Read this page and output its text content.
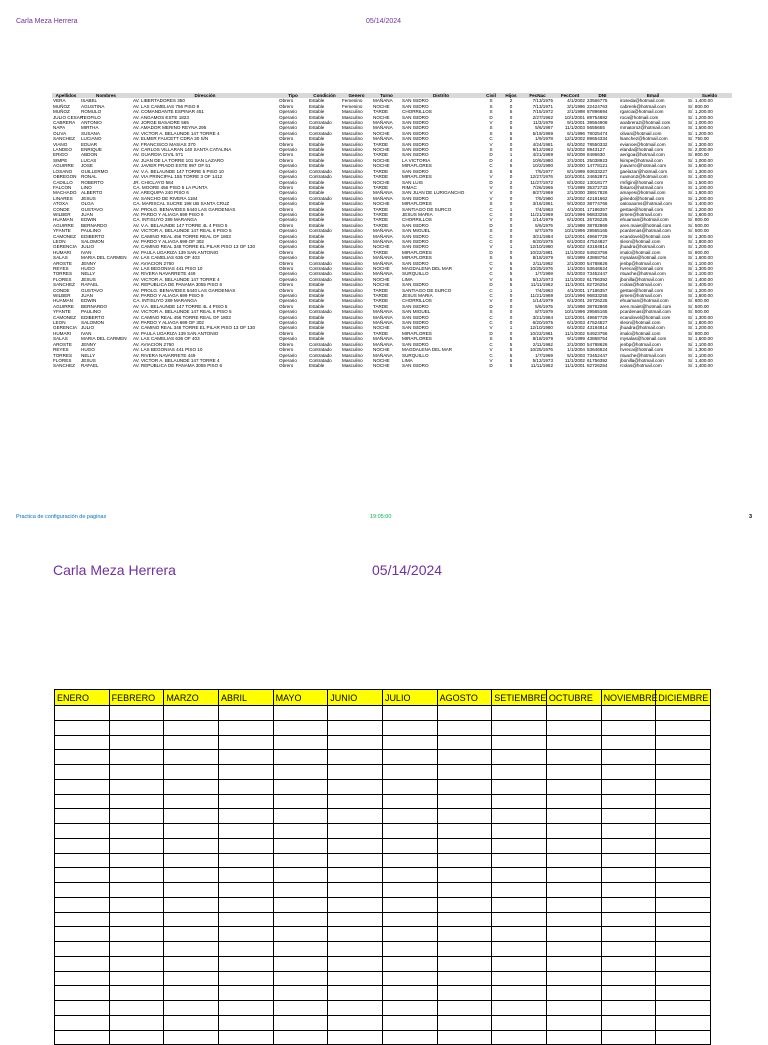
Carla Meza Herrera	05/14/2024
Apellidos	Nombres	Dirección	Tipo	Condición	Genero	Turno	Distrito	Civil	Hijos	FecNac	FecCont	DNI	Email	Sueldo
VERA	ISABEL	AV. LIBERTADORES 350	Obrero	Estable	Femenino	MAÑANA	SAN ISIDRO	S	2	7/13/1975	4/1/2002	23566775	iroseda@hotmail.com	S/. 1,400.00
MUÑOZ	AGUSTINA	AV. LAS CAMELIAS 756 PISO 9	Obrero	Estable	Femenino	NOCHE	SAN ISIDRO	S	0	7/13/1971	3/1/1996	22424763	cabrenk@hotmail.com	S/. 800.00
MUÑOZ	ROMULO	AV. COMANDANTE ESPINAR 451	Operario	Estable	Masculino	TARDE	CHORRILLOS	S	5	7/15/1972	2/1/1998	87896694	rgarcia@hotmail.com	S/. 1,200.00
JULIO CESAR	TEOFILO	AV. ANGAMOS ESTE 1823	Operario	Estable	Masculino	NOCHE	SAN ISIDRO	D	0	2/27/1962	10/1/2001	89754882	roca@hotmail.com	S/. 1,200.00
CABRERA	ANTONIO	AV. JORGE BASADRE 565	Operario	Contratado	Masculino	MAÑANA	SAN ISIDRO	V	0	11/3/1979	9/1/2001	39564908	aoabrera2@hotmail.com	S/. 1,000.00
NAPA	MIRTHA	AV. AMADOR MERINO REYNA 295	Operario	Estable	Masculino	MAÑANA	SAN ISIDRO	S	5	5/6/1967	11/1/2003	5655655	mmatoroz@hotmail.com	S/. 1,500.00
OLIVA	SUSANA	AV. VICTOR A. BELAUNDE 147 TORRE 4	Operario	Contratado	Masculino	NOCHE	SAN ISIDRO	S	5	5/19/1969	6/1/1996	78025474	olivan@hotmail.com	S/. 1,200.00
SANCHEZ	LUCIANO	AV. ELMER FAUCETT CDRA 30 S/N	Obrero	Estable	Masculino	MAÑANA	SAN ISIDRO	C	5	1/9/1978	12/1/2002	89654334	lsanchez@hotmail.com	S/. 750.00
VIANO	EDUAR	AV. FRANCISCO MASIAS 370	Obrero	Estable	Masculino	TARDE	SAN ISIDRO	V	0	4/24/1981	6/1/2002	78550332	evianoe@hotmail.com	S/. 1,300.00
LANDEO	ENRIQUE	AV. CARLOS VILLARAN 140 SANTA CATALINA	Operario	Estable	Masculino	NOCHE	SAN ISIDRO	S	0	9/12/1962	5/1/2002	8943127	elanda@hotmail.com	S/. 2,000.00
ERIGO	ABDON	AV. GUARDIA CIVIL 571	Obrero	Estable	Masculino	TARDE	SAN ISIDRO	D	1	4/21/1969	8/1/2008	8486630	aerigoa@hotmail.com	S/. 800.00
SIMPE	LUCAS	AV. JUAN DE LA TORRE 101 SAN LAZARO	Obrero	Estable	Masculino	NOCHE	LA VICTORIA	D	4	10/6/1980	2/1/2001	25038923	lsimpe@hotmail.com	S/. 1,000.00
AGUIRRE	JOSE	AV. JAVIER PRADO ESTE 997 OF 51	Operario	Estable	Masculino	NOCHE	MIRAFLORES	C	5	10/2/1990	3/1/2000	14778121	jnavarro@hotmail.com	S/. 1,600.00
LOSANO	GUILLERMO	AV. V.A. BELAUNDE 147 TORRE 5 PISO 10	Operario	Contratado	Masculino	TARDE	SAN ISIDRO	S	6	7/5/1977	8/1/1999	93633227	gaelazar@hotmail.com	S/. 1,300.00
OBREGON	RONAL	AV. VIA PRINCIPAL 155 TORRE 3 OF 1412	Operario	Contratado	Masculino	TARDE	MIRAFLORES	V	0	12/27/1976	10/1/2001	24652871	ruamon2@hotmail.com	S/. 1,400.00
CADILLO	ROBERTO	JR. CHICLAYO 584	Operario	Estable	Masculino	NOCHE	SAN LUIS	D	2	11/27/1972	8/1/2002	13018177	rmfigin@hotmail.com	S/. 1,500.00
FALCON	LINO	CA. MOORE 456 PISO 5 LA PUNTA	Obrero	Estable	Masculino	TARDE	RIMAC	V	0	7/26/1966	7/1/1999	35372733	lbisaro@hotmail.com	S/. 1,100.00
MACHADO	ALBERTO	AV. AREQUIPA 240 PISO 6	Operario	Estable	Masculino	MAÑANA	SAN JUAN DE LURIGANCHO	V	0	8/27/1969	2/1/2000	38917826	amayes@hotmail.com	S/. 1,800.00
LINARES	JESUS	AV. SANCHO DE RIVERA 1184	Operario	Contratado	Masculino	MAÑANA	SAN ISIDRO	V	0	7/5/1980	2/1/2002	42181662	jpinedo@hotmail.com	S/. 1,200.00
ATOXA	OLGA	CA. MARISCAL SUCRE 198 UB SANTA CRUZ	Operario	Estable	Masculino	NOCHE	MIRAFLORES	S	0	3/16/1961	9/1/2003	38774766	oatoxaoms@hotmail.com	S/. 1,400.00
CONDE	GUSTAVO	AV. PROLG. BENAVIDES 5440 LAS GARDENIAS	Obrero	Estable	Masculino	TARDE	SANTIAGO DE SURCO	C	1	7/4/1963	4/1/2001	17186357	gestae@hotmail.com	S/. 1,200.00
WILBER	JUAN	AV. PARDO Y ALIAGA 699 PISO 9	Operario	Estable	Masculino	TARDE	JESUS MARIA	C	0	11/21/1969	10/1/1996	96833255	jsmen@hotmail.com	S/. 1,600.00
HUAMAN	EDWIN	CA. INTISUYO 289 MARANGA	Operario	Estable	Masculino	TARDE	CHORRILLOS	V	0	1/14/1979	6/1/2001	26726225	ehuaman@hotmail.com	S/. 800.00
AGUIRRE	BERNARDO	AV. V.A. BELAUNDE 147 TORRE 4L 4 PISO 5	Obrero	Estable	Masculino	TARDE	SAN ISIDRO	D	0	5/6/1975	3/1/1998	38782869	aren.maiet@hotmail.com	S/. 500.00
YFANTE	PAULINO	AV. VICTOR A. BELAUNDE 147 REAL 6 PISO 5	Operario	Contratado	Masculino	MAÑANA	SAN MIGUEL	S	0	8/7/1979	10/1/1996	29565165	pcardenas@hotmail.com	S/. 500.00
CAMONEZ	EDIBERTO	AV. CAMINO REAL 456 TORRE REAL OF 1803	Operario	Estable	Masculino	MAÑANA	SAN ISIDRO	C	0	3/21/1984	12/1/2001	49667729	ecandovel@hotmail.com	S/. 1,300.00
LEON	SALOMON	AV. PARDO Y ALIAGA 699 OF 302	Operario	Estable	Masculino	MAÑANA	SAN ISIDRO	C	0	6/20/1975	6/1/2003	47524827	sleon@hotmail.com	S/. 1,800.00
GERENCIA	JULIO	AV. CAMINO REAL 348 TORRE EL PILAR PISO 13 OF 130	Operario	Estable	Masculino	NOCHE	SAN ISIDRO	V	1	12/10/1980	6/1/2002	43184814	jhuadra@hotmail.com	S/. 1,200.00
HUMARI	IVAN	AV. PAULA UGARIZA 139 SAN ANTONIO	Obrero	Estable	Masculino	TARDE	MIRAFLORES	D	0	10/22/1981	11/1/2002	54923756	imalo@hotmail.com	S/. 800.00
SALAS	MARIA DEL CARMEN	AV. LAS CAMELIAS 636 OF 403	Operario	Estable	Masculino	MAÑANA	MIRAFLORES	S	5	8/18/1979	9/1/1999	43868754	mysalas@hotmail.com	S/. 1,600.00
AROSTE	JENNY	AV. AVIACION 2760	Obrero	Contratado	Masculino	MAÑANA	SAN ISIDRO	C	5	2/11/1962	2/1/2000	54788626	jenbp@hotmail.com	S/. 1,100.00
REYES	HUGO	AV. LAS BEGONIAS 441 PISO 10	Obrero	Contratado	Masculino	NOCHE	MAGDALENA DEL MAR	V	5	10/25/1976	1/1/2004	53646624	hvreca@hotmail.com	S/. 1,300.00
TORRES	NELLY	AV. RIVERA NAVARRETE 449	Operario	Contratado	Masculino	MAÑANA	SURQUILLO	C	5	1/7/1969	5/1/2003	73452447	ntuache@hotmail.com	S/. 1,100.00
FLORES	JESUS	AV. VICTOR A. BELAUNDE 147 TORRE 4	Operario	Contratado	Masculino	NOCHE	LIMA	V	5	5/12/1973	11/1/2002	61756392	jbonilla@hotmail.com	S/. 1,400.00
SANCHEZ	RAFAEL	AV. REPUBLICA DE PANAMA 3055 PISO 6	Obrero	Estable	Masculino	NOCHE	SAN ISIDRO	D	5	11/11/1962	11/1/2001	82726254	rcolas@hotmail.com	S/. 1,400.00
CONDE	GUSTAVO	AV. PROLG. BENAVIDES 5440 LAS GARDENIAS	Obrero	Estable	Masculino	TARDE	SANTIAGO DE SURCO	C	1	7/4/1963	4/1/2001	17186357	gestae@hotmail.com	S/. 1,200.00
WILBER	JUAN	AV. PARDO Y ALIAGA 699 PISO 9	Operario	Estable	Masculino	TARDE	JESUS MARIA	C	0	11/21/1969	10/1/1996	96833255	jsmen@hotmail.com	S/. 1,600.00
HUAMAN	EDWIN	CA. INTISUYO 289 MARANGA	Operario	Estable	Masculino	TARDE	CHORRILLOS	V	0	1/14/1979	6/1/2001	26726225	ehuaman@hotmail.com	S/. 800.00
AGUIRRE	BERNARDO	AV. V.A. BELAUNDE 147 TORRE 4L 4 PISO 5	Obrero	Estable	Masculino	TARDE	SAN ISIDRO	D	0	5/6/1975	3/1/1998	38782869	aren.maiet@hotmail.com	S/. 500.00
YFANTE	PAULINO	AV. VICTOR A. BELAUNDE 147 REAL 6 PISO 5	Operario	Contratado	Masculino	MAÑANA	SAN MIGUEL	S	0	8/7/1979	10/1/1996	29565165	pcardenas@hotmail.com	S/. 500.00
CAMONEZ	EDIBERTO	AV. CAMINO REAL 456 TORRE REAL OF 1803	Operario	Estable	Masculino	MAÑANA	SAN ISIDRO	C	0	3/21/1984	12/1/2001	49667729	ecandovel@hotmail.com	S/. 1,300.00
LEON	SALOMON	AV. PARDO Y ALIAGA 699 OF 302	Operario	Estable	Masculino	MAÑANA	SAN ISIDRO	C	0	6/20/1975	6/1/2003	47524827	sleon@hotmail.com	S/. 1,800.00
GERENCIA	JULIO	AV. CAMINO REAL 348 TORRE EL PILAR PISO 13 OF 130	Operario	Estable	Masculino	NOCHE	SAN ISIDRO	V	1	12/10/1980	6/1/2002	43184814	jhuadra@hotmail.com	S/. 1,200.00
HUMARI	IVAN	AV. PAULA UGARIZA 139 SAN ANTONIO	Obrero	Estable	Masculino	TARDE	MIRAFLORES	D	0	10/22/1981	11/1/2002	54923756	imalo@hotmail.com	S/. 800.00
SALAS	MARIA DEL CARMEN	AV. LAS CAMELIAS 636 OF 403	Operario	Estable	Masculino	MAÑANA	MIRAFLORES	S	5	8/18/1979	9/1/1999	43868754	mysalas@hotmail.com	S/. 1,600.00
AROSTE	JENNY	AV. AVIACION 2760	Obrero	Contratado	Masculino	MAÑANA	SAN ISIDRO	C	5	2/11/1962	2/1/2000	54788626	jenbp@hotmail.com	S/. 1,100.00
REYES	HUGO	AV. LAS BEGONIAS 441 PISO 10	Obrero	Contratado	Masculino	NOCHE	MAGDALENA DEL MAR	V	5	10/25/1976	1/1/2004	53646624	hvreca@hotmail.com	S/. 1,300.00
TORRES	NELLY	AV. RIVERA NAVARRETE 449	Operario	Contratado	Masculino	MAÑANA	SURQUILLO	C	5	1/7/1969	5/1/2003	73452447	ntuache@hotmail.com	S/. 1,100.00
FLORES	JESUS	AV. VICTOR A. BELAUNDE 147 TORRE 4	Operario	Contratado	Masculino	NOCHE	LIMA	V	5	5/12/1973	11/1/2002	61756392	jbonilla@hotmail.com	S/. 1,400.00
SANCHEZ	RAFAEL	AV. REPUBLICA DE PANAMA 3055 PISO 6	Obrero	Estable	Masculino	NOCHE	SAN ISIDRO	D	5	11/11/1962	11/1/2001	82726254	rcolas@hotmail.com	S/. 1,400.00
Practica de configuración de paginas	19:05:00	3
Carla Meza Herrera	05/14/2024
ENERO	FEBRERO	MARZO	ABRIL	MAYO	JUNIO	JULIO	AGOSTO	SETIEMBRE	OCTUBRE	NOVIEMBRE	DICIEMBRE
